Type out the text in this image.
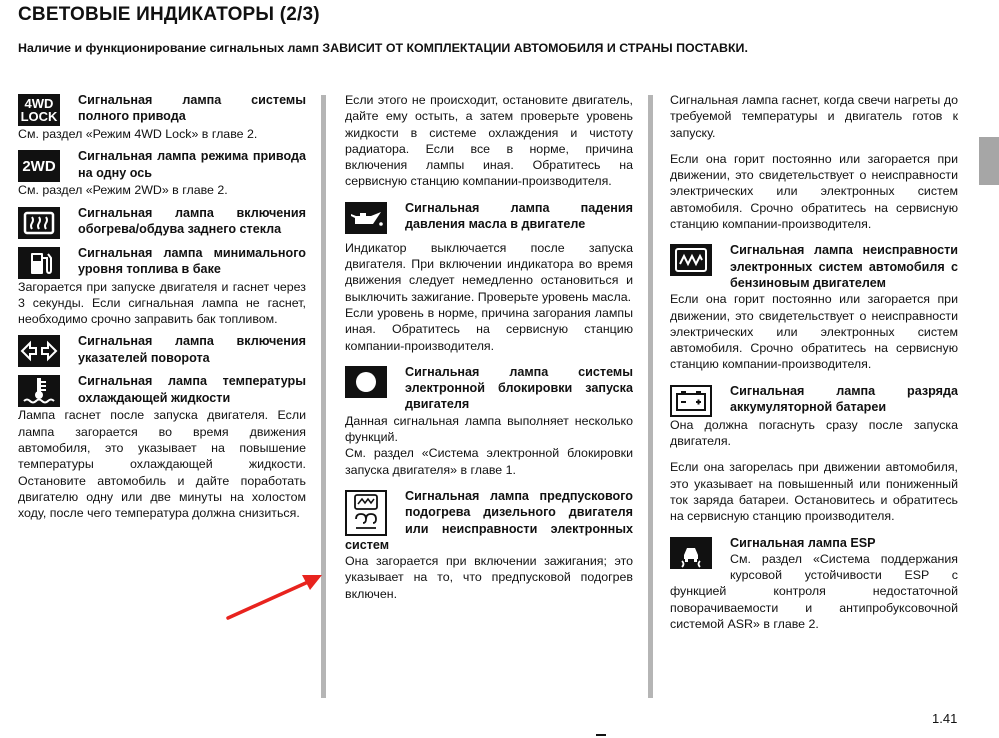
СВЕТОВЫЕ ИНДИКАТОРЫ (2/3)
Наличие и функционирование сигнальных ламп ЗАВИСИТ ОТ КОМПЛЕКТАЦИИ АВТОМОБИЛЯ И СТРАНЫ ПОСТАВКИ.
4WD
LOCK

Сигнальная лампа системы полного привода

См. раздел «Режим 4WD Lock» в главе 2.

2WD

Сигнальная лампа режима привода на одну ось

См. раздел «Режим 2WD» в главе 2.

Сигнальная лампа включения обогрева/обдува заднего стекла

Сигнальная лампа минимального уровня топлива в баке

Загорается при запуске двигателя и гаснет через 3 секунды. Если сигнальная лампа не гаснет, необходимо срочно заправить бак топливом.

Сигнальная лампа включения указателей поворота

Сигнальная лампа температуры охлаждающей жидкости

Лампа гаснет после запуска двигателя. Если лампа загорается во время движения автомобиля, это указывает на повышение температуры охлаждающей жидкости. Остановите автомобиль и дайте поработать двигателю одну или две минуты на холостом ходу, после чего температура должна снизиться.

Если этого не происходит, остановите двигатель, дайте ему остыть, а затем проверьте уровень жидкости в системе охлаждения и чистоту радиатора. Если все в норме, причина включения лампы иная. Обратитесь на сервисную станцию компании-производителя.

Сигнальная лампа падения давления масла в двигателе

Индикатор выключается после запуска двигателя. При включении индикатора во время движения следует немедленно остановиться и выключить зажигание. Проверьте уровень масла.

Если уровень в норме, причина загорания лампы иная. Обратитесь на сервисную станцию компании-производителя.

Сигнальная лампа системы электронной блокировки запуска двигателя

Данная сигнальная лампа выполняет несколько функций.

См. раздел «Система электронной блокировки запуска двигателя» в главе 1.

Сигнальная лампа предпускового подогрева дизельного двигателя или неисправности электронных систем

Она загорается при включении зажигания; это указывает на то, что предпусковой подогрев включен.

Сигнальная лампа гаснет, когда свечи нагреты до требуемой температуры и двигатель готов к запуску.

Если она горит постоянно или загорается при движении, это свидетельствует о неисправности электрических или электронных систем автомобиля. Срочно обратитесь на сервисную станцию компании-производителя.

Сигнальная лампа неисправности электронных систем автомобиля с бензиновым двигателем

Если она горит постоянно или загорается при движении, это свидетельствует о неисправности электрических или электронных систем автомобиля. Срочно обратитесь на сервисную станцию компании-производителя.

Сигнальная лампа разряда аккумуляторной батареи

Она должна погаснуть сразу после запуска двигателя.

Если она загорелась при движении автомобиля, это указывает на повышенный или пониженный ток заряда батареи. Остановитесь и обратитесь на сервисную станцию производителя.

Сигнальная лампа ESP

См. раздел «Система поддержания курсовой устойчивости ESP с функцией контроля недостаточной поворачиваемости и антипробуксовочной системой ASR» в главе 2.

1.41
